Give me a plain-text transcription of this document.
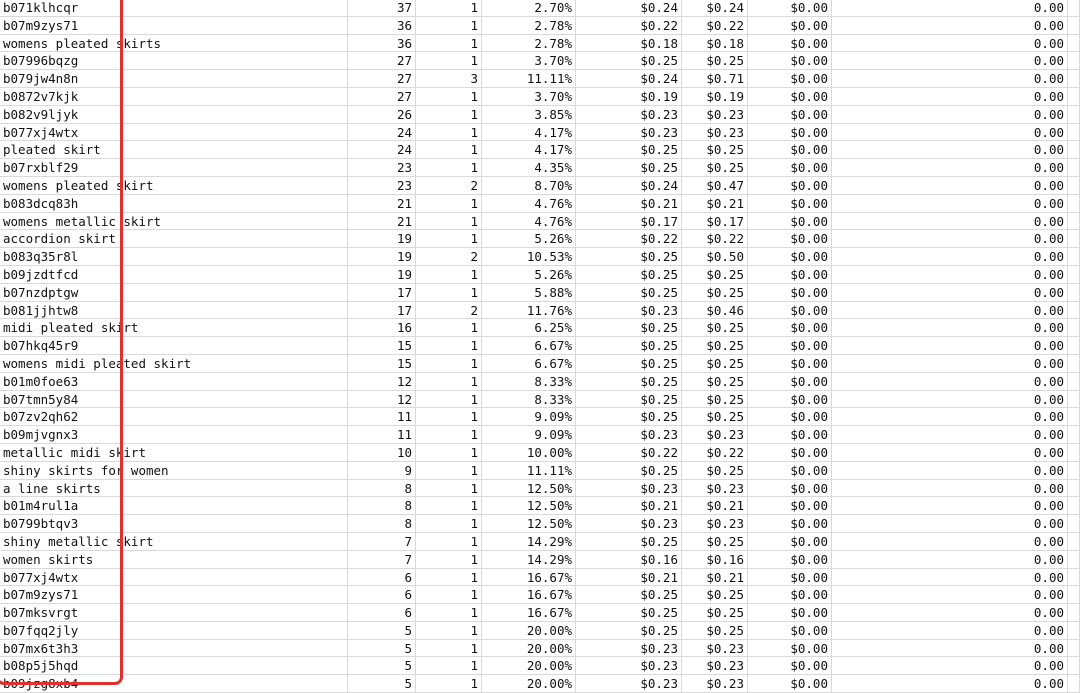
b071klhcqr	37	1	2.70%	$0.24	$0.24	$0.00	0.00
b07m9zys71	36	1	2.78%	$0.22	$0.22	$0.00	0.00
womens pleated skirts	36	1	2.78%	$0.18	$0.18	$0.00	0.00
b07996bqzg	27	1	3.70%	$0.25	$0.25	$0.00	0.00
b079jw4n8n	27	3	11.11%	$0.24	$0.71	$0.00	0.00
b0872v7kjk	27	1	3.70%	$0.19	$0.19	$0.00	0.00
b082v9ljyk	26	1	3.85%	$0.23	$0.23	$0.00	0.00
b077xj4wtx	24	1	4.17%	$0.23	$0.23	$0.00	0.00
pleated skirt	24	1	4.17%	$0.25	$0.25	$0.00	0.00
b07rxblf29	23	1	4.35%	$0.25	$0.25	$0.00	0.00
womens pleated skirt	23	2	8.70%	$0.24	$0.47	$0.00	0.00
b083dcq83h	21	1	4.76%	$0.21	$0.21	$0.00	0.00
womens metallic skirt	21	1	4.76%	$0.17	$0.17	$0.00	0.00
accordion skirt	19	1	5.26%	$0.22	$0.22	$0.00	0.00
b083q35r8l	19	2	10.53%	$0.25	$0.50	$0.00	0.00
b09jzdtfcd	19	1	5.26%	$0.25	$0.25	$0.00	0.00
b07nzdptgw	17	1	5.88%	$0.25	$0.25	$0.00	0.00
b081jjhtw8	17	2	11.76%	$0.23	$0.46	$0.00	0.00
midi pleated skirt	16	1	6.25%	$0.25	$0.25	$0.00	0.00
b07hkq45r9	15	1	6.67%	$0.25	$0.25	$0.00	0.00
womens midi pleated skirt	15	1	6.67%	$0.25	$0.25	$0.00	0.00
b01m0foe63	12	1	8.33%	$0.25	$0.25	$0.00	0.00
b07tmn5y84	12	1	8.33%	$0.25	$0.25	$0.00	0.00
b07zv2qh62	11	1	9.09%	$0.25	$0.25	$0.00	0.00
b09mjvgnx3	11	1	9.09%	$0.23	$0.23	$0.00	0.00
metallic midi skirt	10	1	10.00%	$0.22	$0.22	$0.00	0.00
shiny skirts for women	9	1	11.11%	$0.25	$0.25	$0.00	0.00
a line skirts	8	1	12.50%	$0.23	$0.23	$0.00	0.00
b01m4rul1a	8	1	12.50%	$0.21	$0.21	$0.00	0.00
b0799btqv3	8	1	12.50%	$0.23	$0.23	$0.00	0.00
shiny metallic skirt	7	1	14.29%	$0.25	$0.25	$0.00	0.00
women skirts	7	1	14.29%	$0.16	$0.16	$0.00	0.00
b077xj4wtx	6	1	16.67%	$0.21	$0.21	$0.00	0.00
b07m9zys71	6	1	16.67%	$0.25	$0.25	$0.00	0.00
b07mksvrgt	6	1	16.67%	$0.25	$0.25	$0.00	0.00
b07fqq2jly	5	1	20.00%	$0.25	$0.25	$0.00	0.00
b07mx6t3h3	5	1	20.00%	$0.23	$0.23	$0.00	0.00
b08p5j5hqd	5	1	20.00%	$0.23	$0.23	$0.00	0.00
b09jzg8xb4	5	1	20.00%	$0.23	$0.23	$0.00	0.00
